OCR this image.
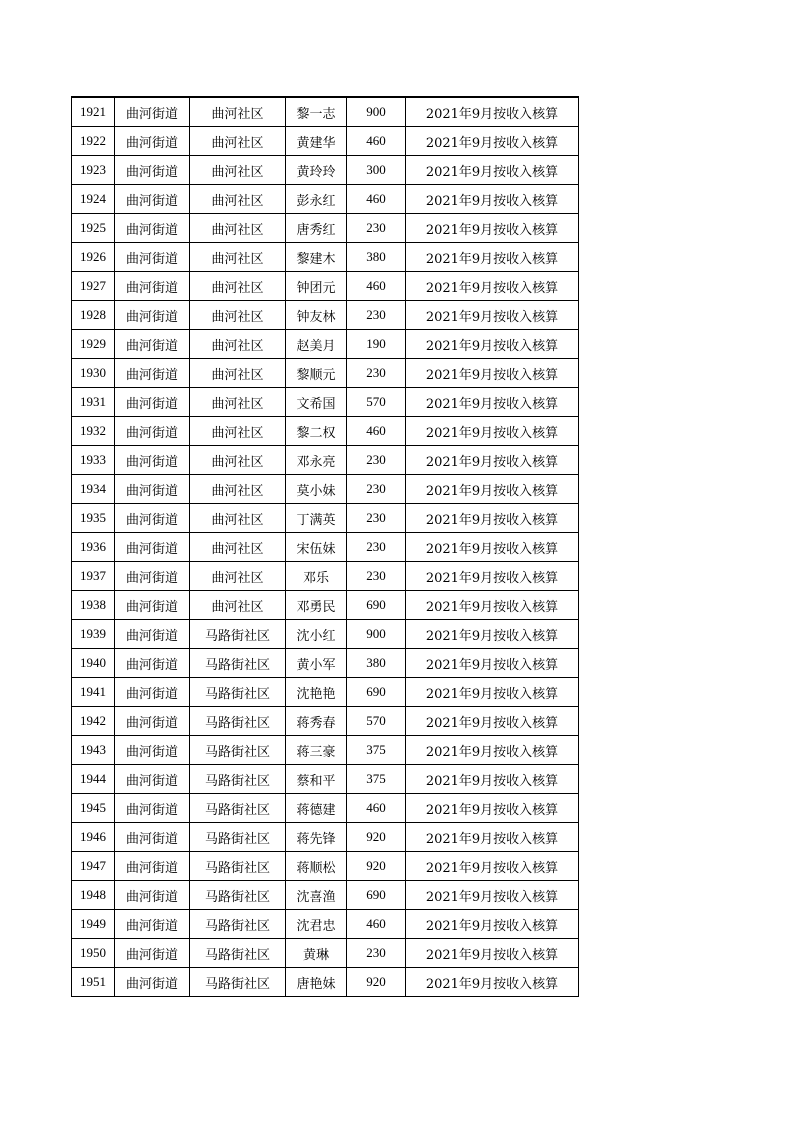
1921	曲河街道	曲河社区	黎一志	900	2021年9月按收入核算
1922	曲河街道	曲河社区	黄建华	460	2021年9月按收入核算
1923	曲河街道	曲河社区	黄玲玲	300	2021年9月按收入核算
1924	曲河街道	曲河社区	彭永红	460	2021年9月按收入核算
1925	曲河街道	曲河社区	唐秀红	230	2021年9月按收入核算
1926	曲河街道	曲河社区	黎建木	380	2021年9月按收入核算
1927	曲河街道	曲河社区	钟团元	460	2021年9月按收入核算
1928	曲河街道	曲河社区	钟友林	230	2021年9月按收入核算
1929	曲河街道	曲河社区	赵美月	190	2021年9月按收入核算
1930	曲河街道	曲河社区	黎顺元	230	2021年9月按收入核算
1931	曲河街道	曲河社区	文希国	570	2021年9月按收入核算
1932	曲河街道	曲河社区	黎二权	460	2021年9月按收入核算
1933	曲河街道	曲河社区	邓永亮	230	2021年9月按收入核算
1934	曲河街道	曲河社区	莫小妹	230	2021年9月按收入核算
1935	曲河街道	曲河社区	丁满英	230	2021年9月按收入核算
1936	曲河街道	曲河社区	宋伍妹	230	2021年9月按收入核算
1937	曲河街道	曲河社区	邓乐	230	2021年9月按收入核算
1938	曲河街道	曲河社区	邓勇民	690	2021年9月按收入核算
1939	曲河街道	马路街社区	沈小红	900	2021年9月按收入核算
1940	曲河街道	马路街社区	黄小军	380	2021年9月按收入核算
1941	曲河街道	马路街社区	沈艳艳	690	2021年9月按收入核算
1942	曲河街道	马路街社区	蒋秀春	570	2021年9月按收入核算
1943	曲河街道	马路街社区	蒋三豪	375	2021年9月按收入核算
1944	曲河街道	马路街社区	蔡和平	375	2021年9月按收入核算
1945	曲河街道	马路街社区	蒋德建	460	2021年9月按收入核算
1946	曲河街道	马路街社区	蒋先锋	920	2021年9月按收入核算
1947	曲河街道	马路街社区	蒋顺松	920	2021年9月按收入核算
1948	曲河街道	马路街社区	沈喜渔	690	2021年9月按收入核算
1949	曲河街道	马路街社区	沈君忠	460	2021年9月按收入核算
1950	曲河街道	马路街社区	黄琳	230	2021年9月按收入核算
1951	曲河街道	马路街社区	唐艳妹	920	2021年9月按收入核算
